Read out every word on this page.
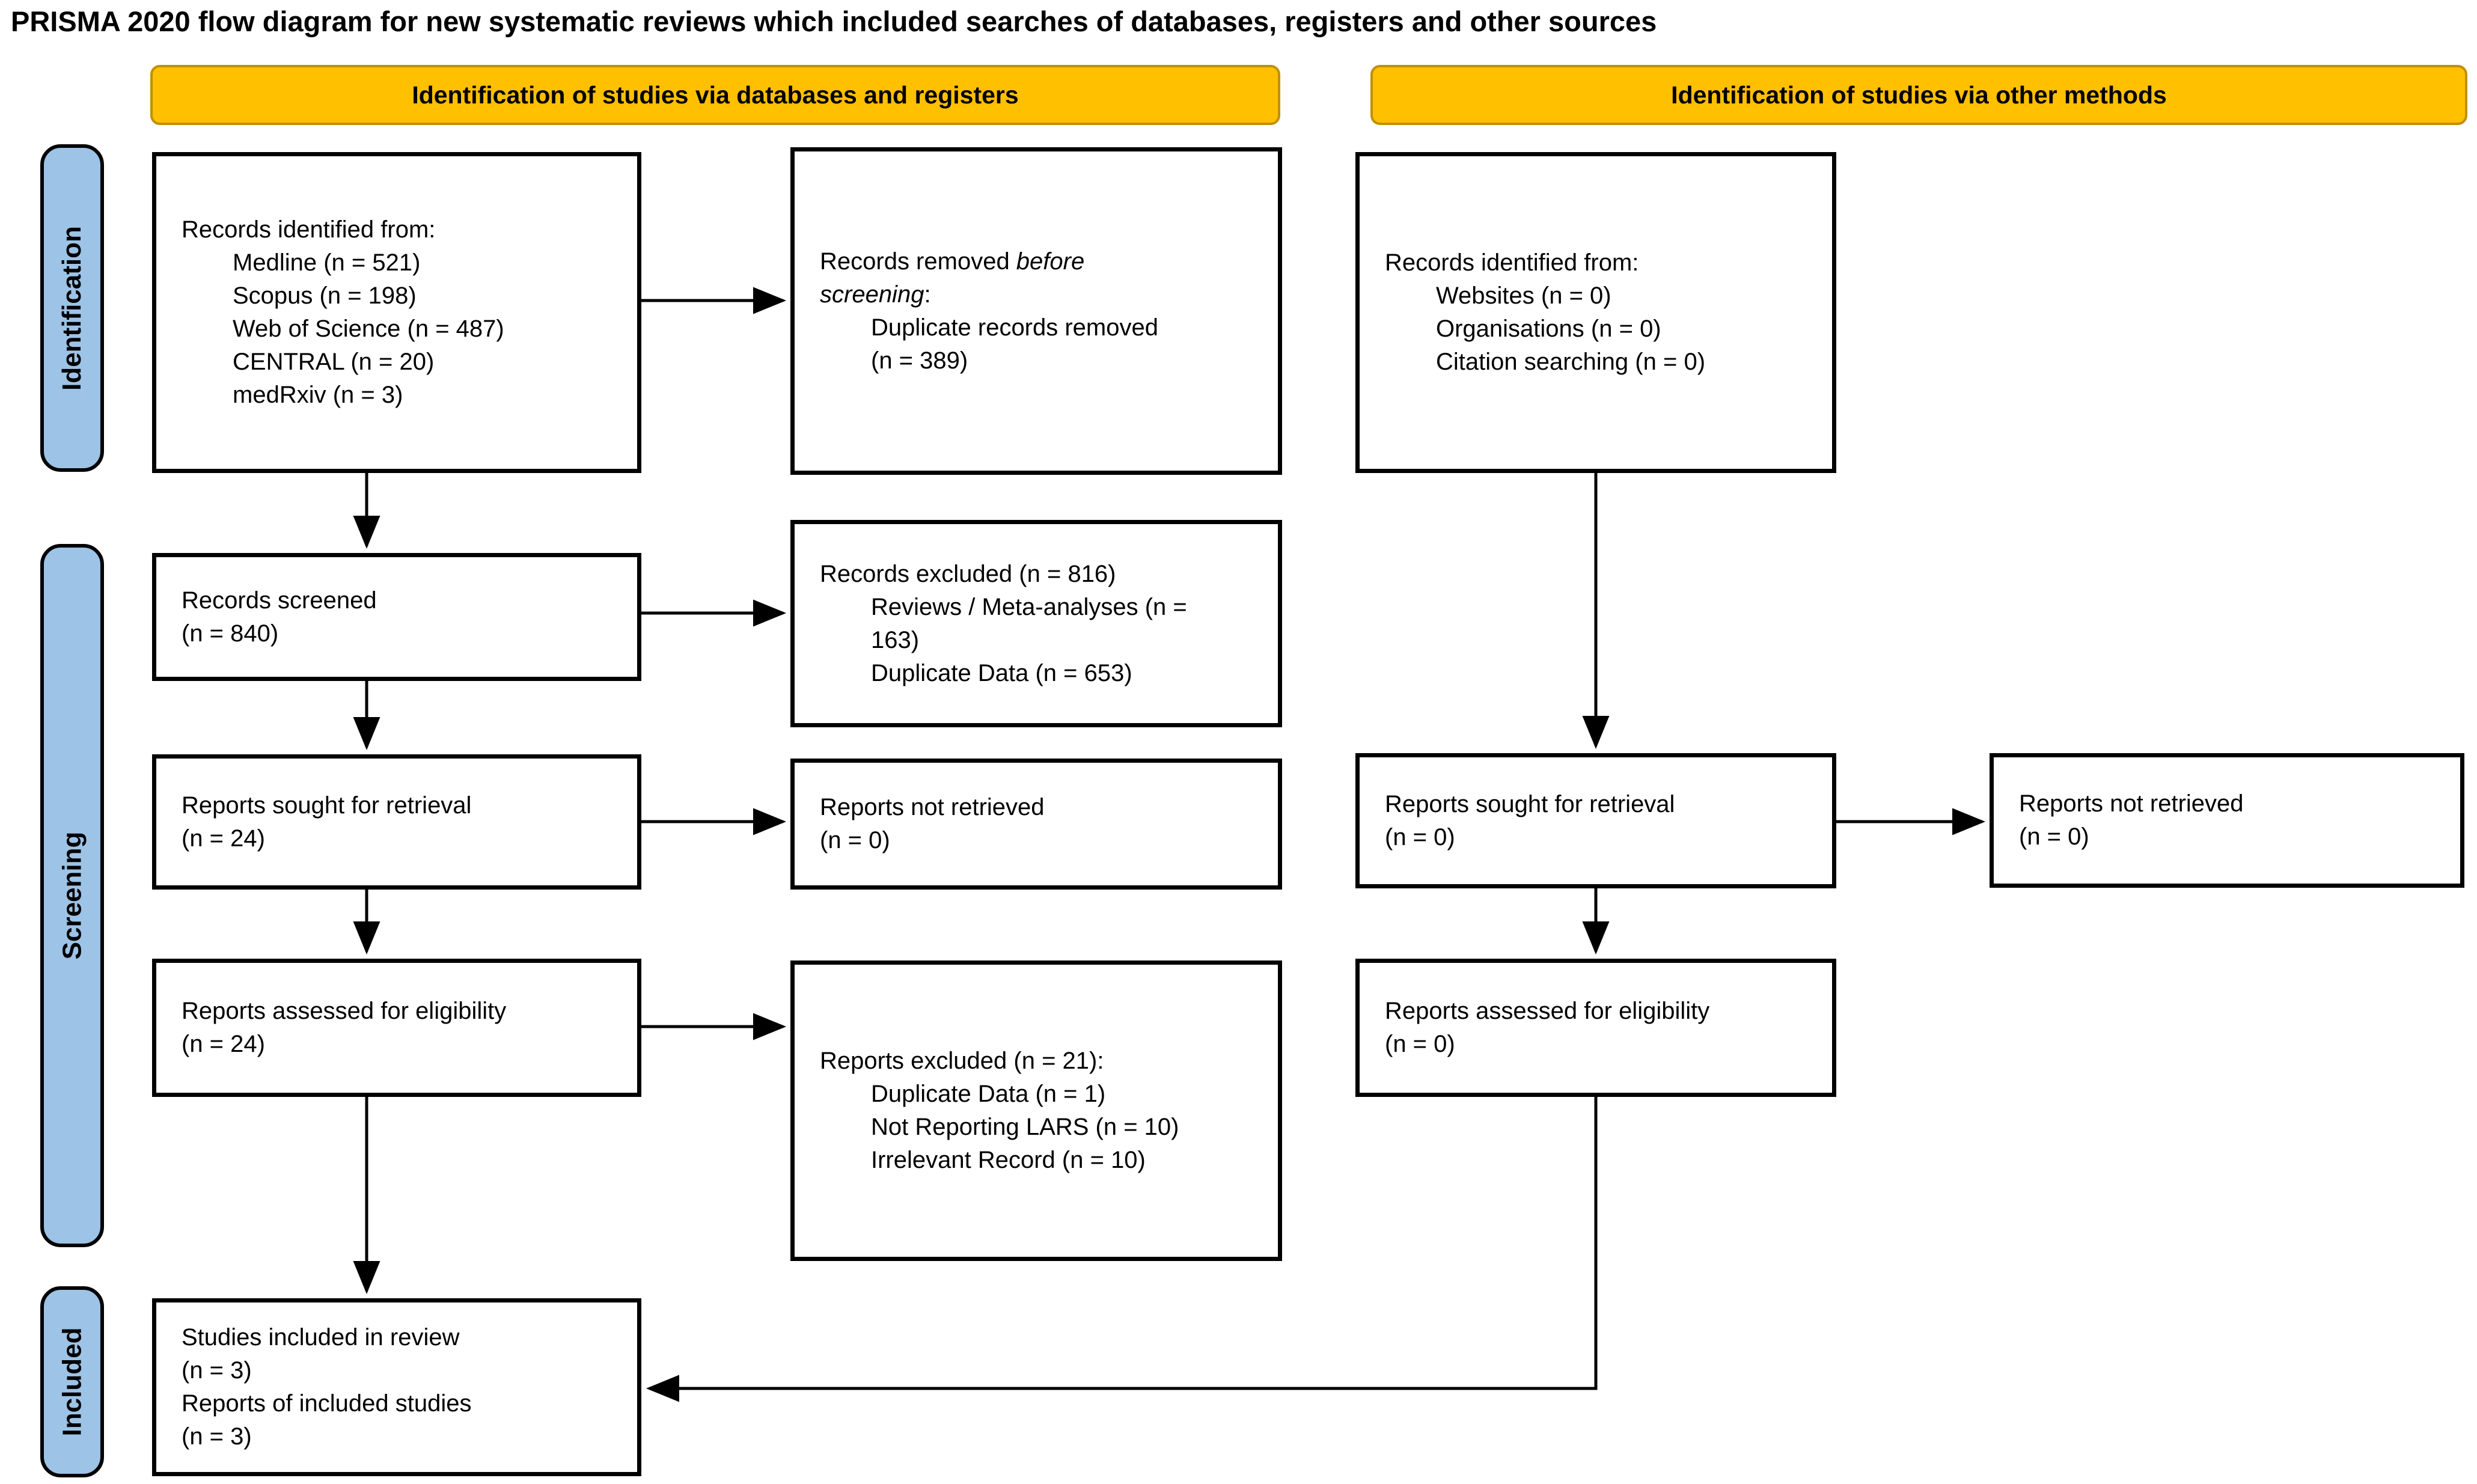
PRISMA 2020 flow diagram for new systematic reviews which included searches of databases, registers and other sources
Identification of studies via databases and registers	Identification of studies via other methods
Identification
Screening
Included
Records identified from:
Medline (n = 521)
Scopus (n = 198)
Web of Science (n = 487)
CENTRAL (n = 20)
medRxiv (n = 3)
Records removed before
screening:
Duplicate records removed
(n = 389)
Records identified from:
Websites (n = 0)
Organisations (n = 0)
Citation searching (n = 0)
Records screened
(n = 840)
Records excluded (n = 816)
Reviews / Meta-analyses (n =
163)
Duplicate Data (n = 653)
Reports sought for retrieval
(n = 24)
Reports not retrieved
(n = 0)
Reports sought for retrieval
(n = 0)
Reports not retrieved
(n = 0)
Reports assessed for eligibility
(n = 24)
Reports excluded (n = 21):
Duplicate Data (n = 1)
Not Reporting LARS (n = 10)
Irrelevant Record (n = 10)
Reports assessed for eligibility
(n = 0)
Studies included in review
(n = 3)
Reports of included studies
(n = 3)
